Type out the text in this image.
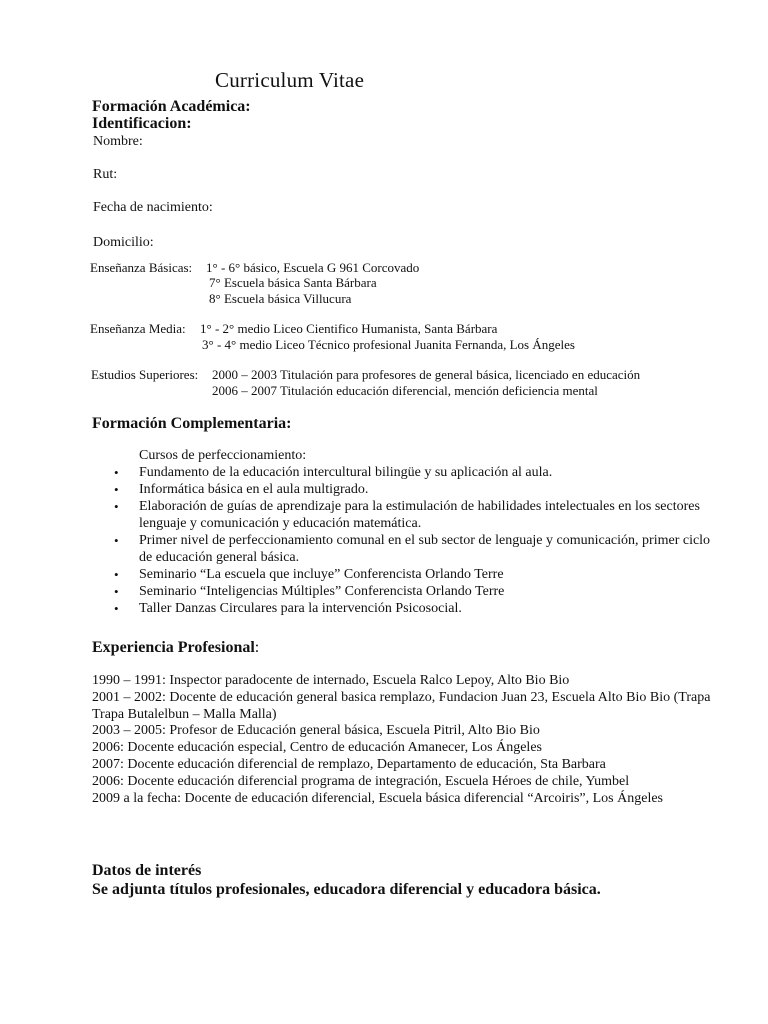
Curriculum Vitae
Formación Académica:
Identificacion:
Nombre:
Rut:
Fecha de nacimiento:
Domicilio:
Enseñanza Básicas: 1° - 6° básico, Escuela G 961 Corcovado
7° Escuela básica Santa Bárbara
8° Escuela básica Villucura
Enseñanza Media: 1° - 2° medio Liceo Cientifico Humanista, Santa Bárbara
3° - 4° medio Liceo Técnico profesional Juanita Fernanda, Los Ángeles
Estudios Superiores: 2000 – 2003 Titulación para profesores de general básica, licenciado en educación
2006 – 2007 Titulación educación diferencial, mención deficiencia mental
Formación Complementaria:
Cursos de perfeccionamiento:
• Fundamento de la educación intercultural bilingüe y su aplicación al aula.
• Informática básica en el aula multigrado.
• Elaboración de guías de aprendizaje para la estimulación de habilidades intelectuales en los sectores lenguaje y comunicación y educación matemática.
• Primer nivel de perfeccionamiento comunal en el sub sector de lenguaje y comunicación, primer ciclo de educación general básica.
• Seminario “La escuela que incluye” Conferencista Orlando Terre
• Seminario “Inteligencias Múltiples” Conferencista Orlando Terre
• Taller Danzas Circulares para la intervención Psicosocial.
Experiencia Profesional:
1990 – 1991: Inspector paradocente de internado, Escuela Ralco Lepoy, Alto Bio Bio
2001 – 2002: Docente de educación general basica remplazo, Fundacion Juan 23, Escuela Alto Bio Bio (Trapa Trapa Butalelbun – Malla Malla)
2003 – 2005: Profesor de Educación general básica, Escuela Pitril, Alto Bio Bio
2006: Docente educación especial, Centro de educación Amanecer, Los Ángeles
2007: Docente educación diferencial de remplazo, Departamento de educación, Sta Barbara
2006: Docente educación diferencial programa de integración, Escuela Héroes de chile, Yumbel
2009 a la fecha: Docente de educación diferencial, Escuela básica diferencial “Arcoiris”, Los Ángeles
Datos de interés
Se adjunta títulos profesionales, educadora diferencial y educadora básica.
